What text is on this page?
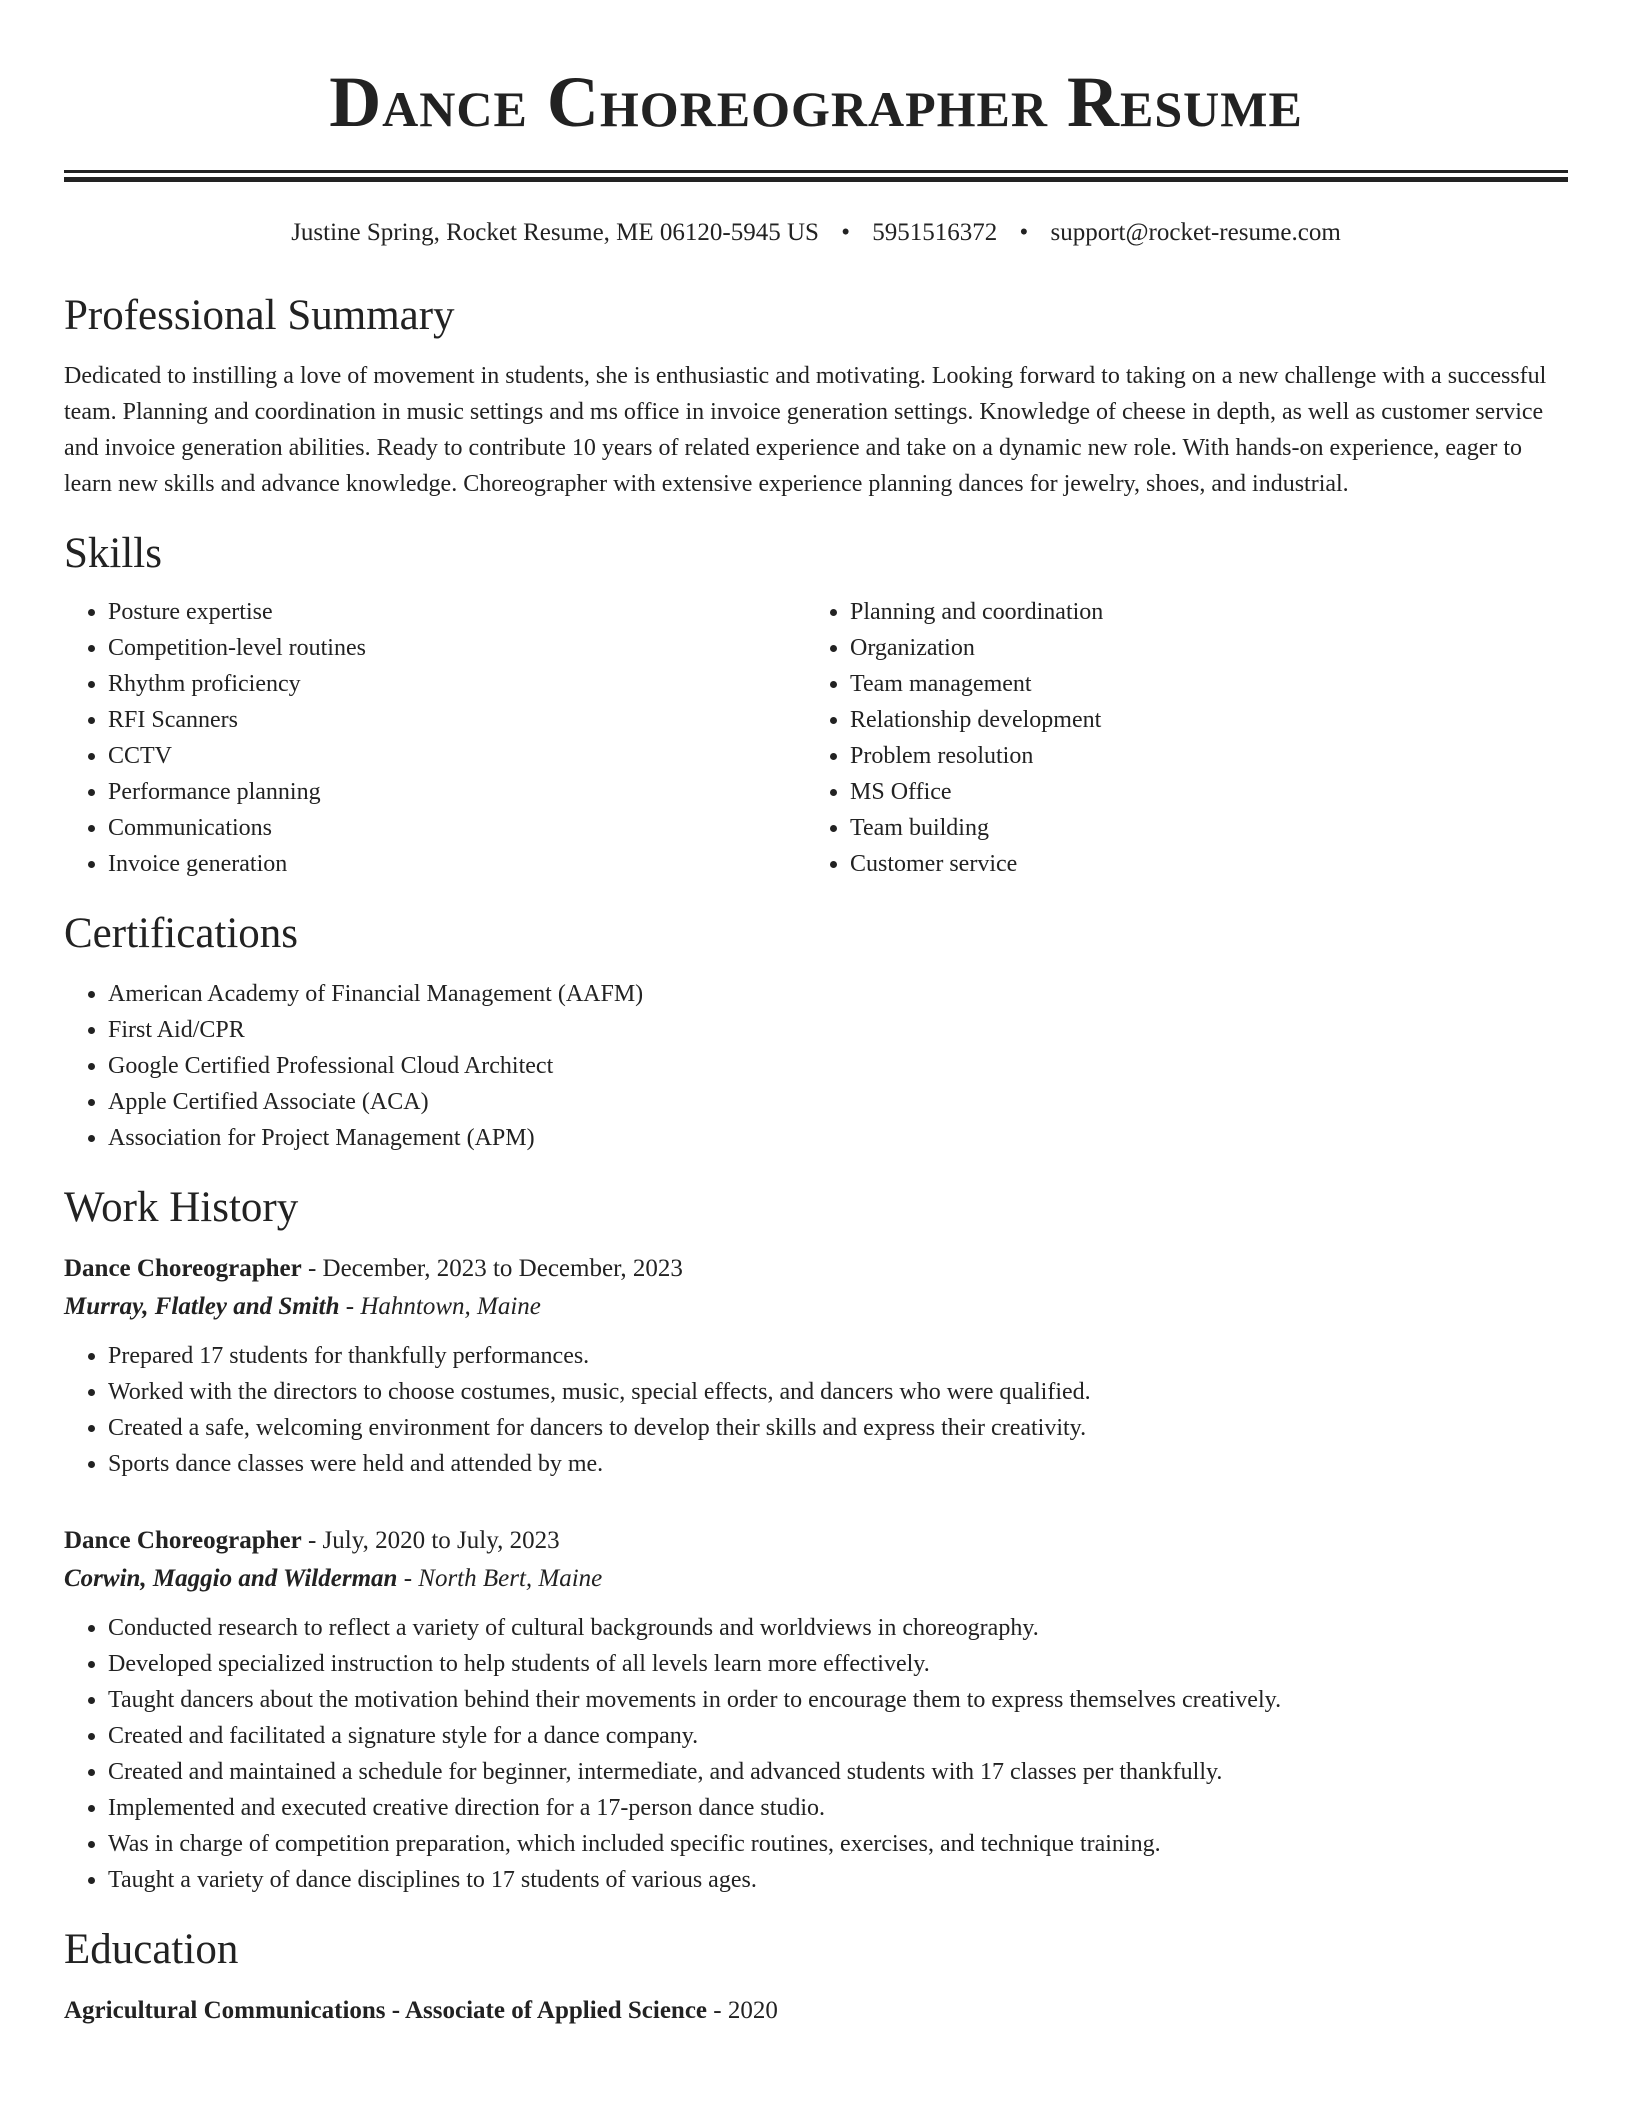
Dance Choreographer Resume
Justine Spring, Rocket Resume, ME 06120-5945 US • 5951516372 • support@rocket-resume.com
Professional Summary

Dedicated to instilling a love of movement in students, she is enthusiastic and motivating. Looking forward to taking on a new challenge with a successful team. Planning and coordination in music settings and ms office in invoice generation settings. Knowledge of cheese in depth, as well as customer service and invoice generation abilities. Ready to contribute 10 years of related experience and take on a dynamic new role. With hands-on experience, eager to learn new skills and advance knowledge. Choreographer with extensive experience planning dances for jewelry, shoes, and industrial.

Skills
• Posture expertise
• Competition-level routines
• Rhythm proficiency
• RFI Scanners
• CCTV
• Performance planning
• Communications
• Invoice generation
• Planning and coordination
• Organization
• Team management
• Relationship development
• Problem resolution
• MS Office
• Team building
• Customer service
Certifications
• American Academy of Financial Management (AAFM)
• First Aid/CPR
• Google Certified Professional Cloud Architect
• Apple Certified Associate (ACA)
• Association for Project Management (APM)
Work History
Dance Choreographer - December, 2023 to December, 2023
Murray, Flatley and Smith - Hahntown, Maine
• Prepared 17 students for thankfully performances.
• Worked with the directors to choose costumes, music, special effects, and dancers who were qualified.
• Created a safe, welcoming environment for dancers to develop their skills and express their creativity.
• Sports dance classes were held and attended by me.
Dance Choreographer - July, 2020 to July, 2023
Corwin, Maggio and Wilderman - North Bert, Maine
• Conducted research to reflect a variety of cultural backgrounds and worldviews in choreography.
• Developed specialized instruction to help students of all levels learn more effectively.
• Taught dancers about the motivation behind their movements in order to encourage them to express themselves creatively.
• Created and facilitated a signature style for a dance company.
• Created and maintained a schedule for beginner, intermediate, and advanced students with 17 classes per thankfully.
• Implemented and executed creative direction for a 17-person dance studio.
• Was in charge of competition preparation, which included specific routines, exercises, and technique training.
• Taught a variety of dance disciplines to 17 students of various ages.
Education
Agricultural Communications - Associate of Applied Science - 2020
